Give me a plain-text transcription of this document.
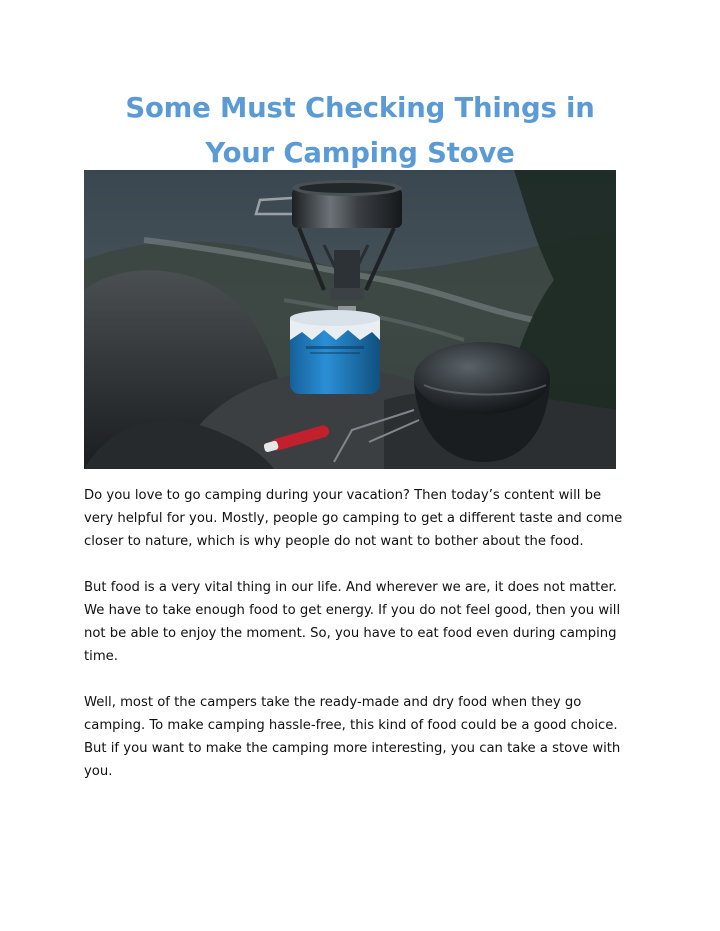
Some Must Checking Things in
Your Camping Stove

Do you love to go camping during your vacation? Then today’s content will be very helpful for you. Mostly, people go camping to get a different taste and come closer to nature, which is why people do not want to bother about the food.

But food is a very vital thing in our life. And wherever we are, it does not matter. We have to take enough food to get energy. If you do not feel good, then you will not be able to enjoy the moment. So, you have to eat food even during camping time.

Well, most of the campers take the ready-made and dry food when they go camping. To make camping hassle-free, this kind of food could be a good choice. But if you want to make the camping more interesting, you can take a stove with you.
